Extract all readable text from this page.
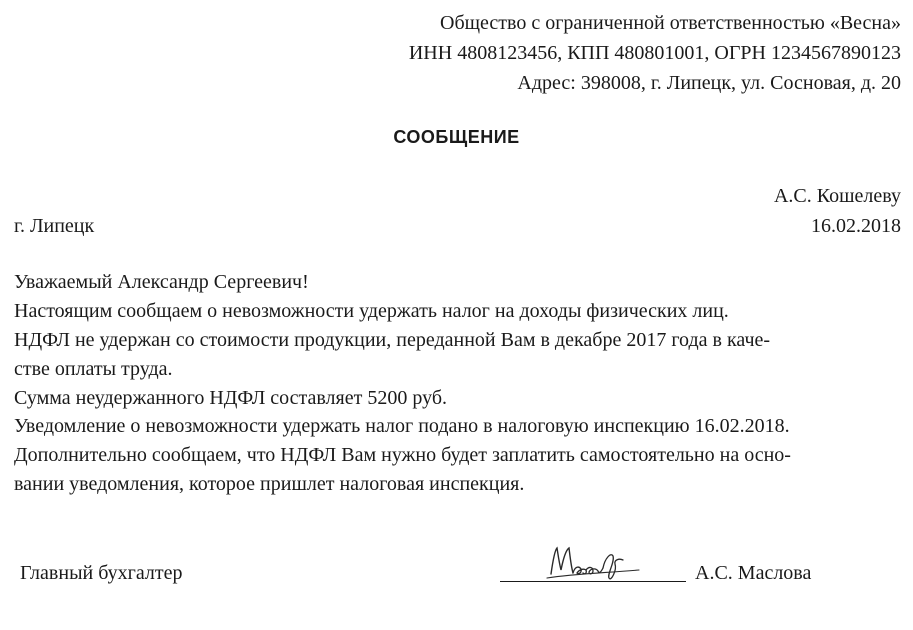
Общество с ограниченной ответственностью «Весна»
ИНН 4808123456, КПП 480801001, ОГРН 1234567890123
Адрес: 398008, г. Липецк, ул. Сосновая, д. 20
СООБЩЕНИЕ
А.С. Кошелеву
г. Липецк	16.02.2018
Уважаемый Александр Сергеевич!
Настоящим сообщаем о невозможности удержать налог на доходы физических лиц.
НДФЛ не удержан со стоимости продукции, переданной Вам в декабре 2017 года в каче-
стве оплаты труда.
Сумма неудержанного НДФЛ составляет 5200 руб.
Уведомление о невозможности удержать налог подано в налоговую инспекцию 16.02.2018.
Дополнительно сообщаем, что НДФЛ Вам нужно будет заплатить самостоятельно на осно-
вании уведомления, которое пришлет налоговая инспекция.
Главный бухгалтер	А.С. Маслова
